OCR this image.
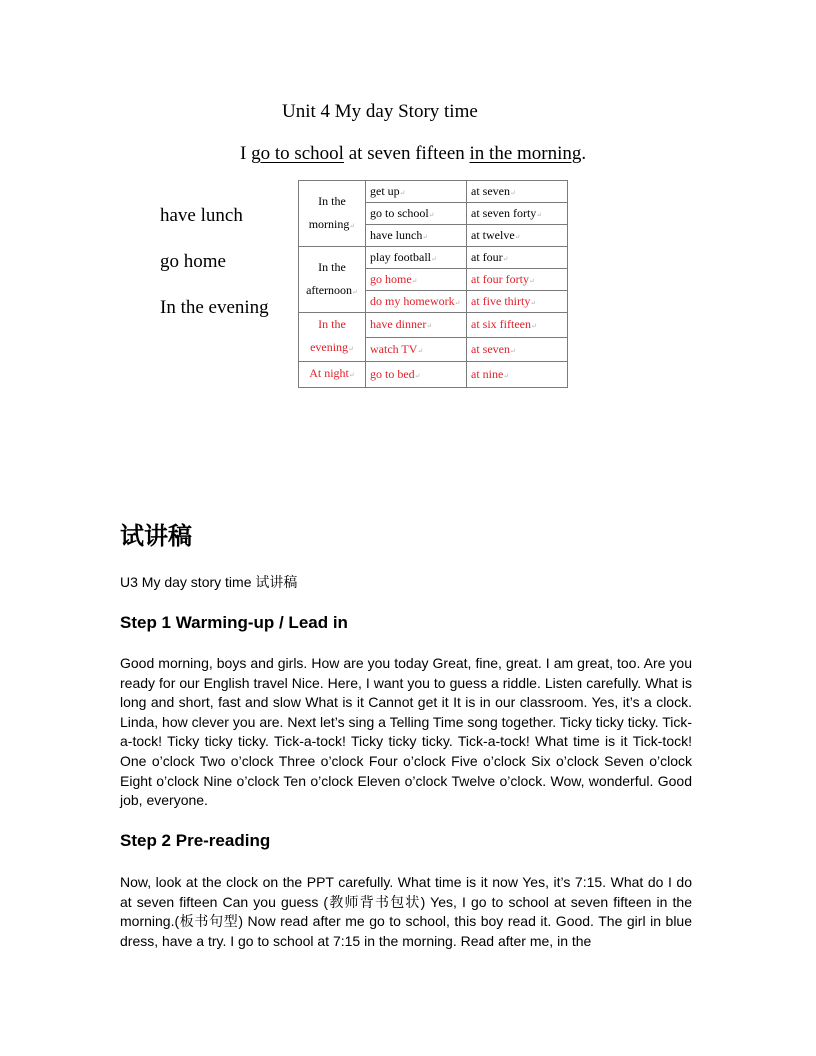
Unit 4 My day Story time
I go to school at seven fifteen in the morning.
have lunch
go home
In the evening
In the
morning↵	get up↵	at seven↵
	go to school↵	at seven forty↵
	have lunch↵	at twelve↵

In the
afternoon↵	play football↵	at four↵
	go home↵	at four forty↵
	do my homework↵	at five thirty↵

In the
evening↵	have dinner↵	at six fifteen↵
	watch TV↵	at seven↵

At night↵	go to bed↵	at nine↵
试讲稿
U3 My day story time 试讲稿
Step 1 Warming-up / Lead in
Good morning, boys and girls. How are you today Great, fine, great. I am great, too. Are you ready for our English travel Nice. Here, I want you to guess a riddle. Listen carefully. What is long and short, fast and slow What is it Cannot get it It is in our classroom. Yes, it’s a clock. Linda, how clever you are. Next let’s sing a Telling Time song together. Ticky ticky ticky. Tick-a-tock! Ticky ticky ticky. Tick-a-tock! Ticky ticky ticky. Tick-a-tock! What time is it Tick-tock! One o’clock Two o’clock Three o’clock Four o’clock Five o’clock Six o’clock Seven o’clock Eight o’clock Nine o’clock Ten o’clock Eleven o’clock Twelve o’clock. Wow, wonderful. Good job, everyone.
Step 2 Pre-reading
Now, look at the clock on the PPT carefully. What time is it now Yes, it’s 7:15. What do I do at seven fifteen Can you guess (教师背书包状) Yes, I go to school at seven fifteen in the morning.(板书句型) Now read after me go to school, this boy read it. Good. The girl in blue dress, have a try. I go to school at 7:15 in the morning. Read after me, in the
